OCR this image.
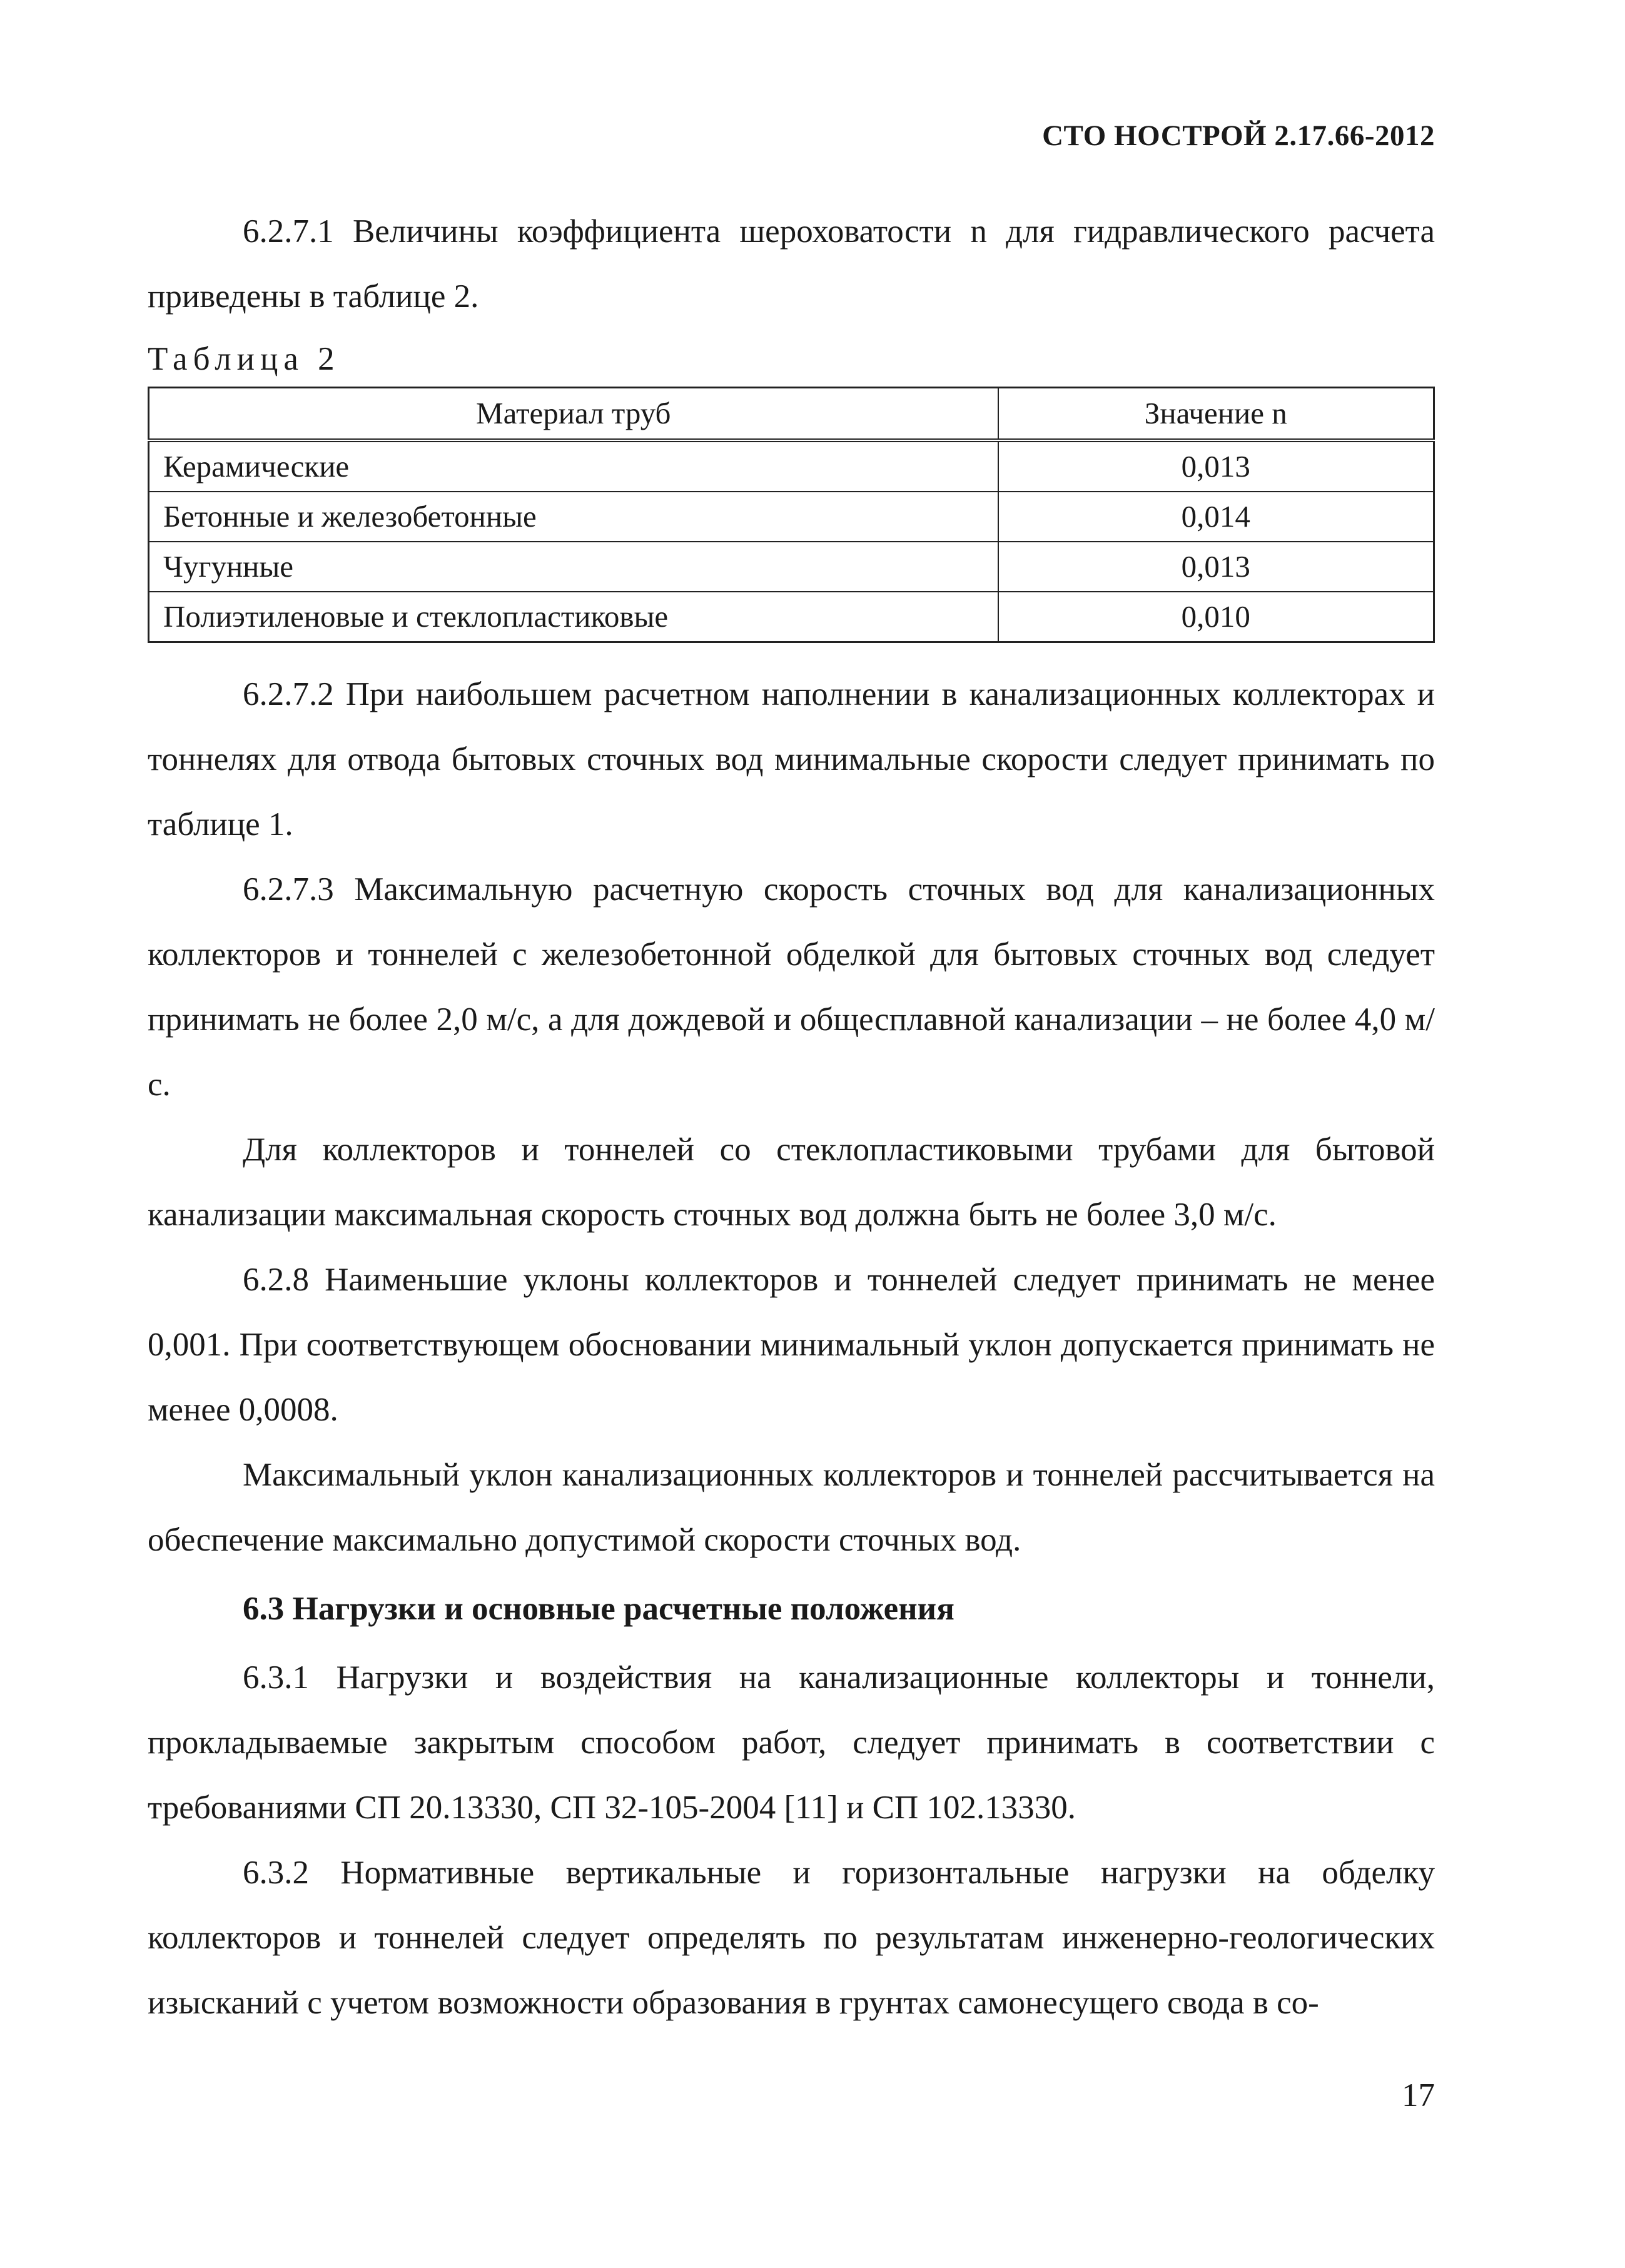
СТО НОСТРОЙ 2.17.66-2012

6.2.7.1 Величины коэффициента шероховатости n для гидравлического расчета приведены в таблице 2.

Таблица 2
Материал труб	Значение n
Керамические	0,013
Бетонные и железобетонные	0,014
Чугунные	0,013
Полиэтиленовые и стеклопластиковые	0,010

6.2.7.2 При наибольшем расчетном наполнении в канализационных коллекторах и тоннелях для отвода бытовых сточных вод минимальные скорости следует принимать по таблице 1.

6.2.7.3 Максимальную расчетную скорость сточных вод для канализационных коллекторов и тоннелей с железобетонной обделкой для бытовых сточных вод следует принимать не более 2,0 м/с, а для дождевой и общесплавной канализации – не более 4,0 м/с.

Для коллекторов и тоннелей со стеклопластиковыми трубами для бытовой канализации максимальная скорость сточных вод должна быть не более 3,0 м/с.

6.2.8 Наименьшие уклоны коллекторов и тоннелей следует принимать не менее 0,001. При соответствующем обосновании минимальный уклон допускается принимать не менее 0,0008.

Максимальный уклон канализационных коллекторов и тоннелей рассчитывается на обеспечение максимально допустимой скорости сточных вод.

6.3 Нагрузки и основные расчетные положения

6.3.1 Нагрузки и воздействия на канализационные коллекторы и тоннели, прокладываемые закрытым способом работ, следует принимать в соответствии с требованиями СП 20.13330, СП 32-105-2004 [11] и СП 102.13330.

6.3.2 Нормативные вертикальные и горизонтальные нагрузки на обделку коллекторов и тоннелей следует определять по результатам инженерно-геологических изысканий с учетом возможности образования в грунтах самонесущего свода в со-

17
